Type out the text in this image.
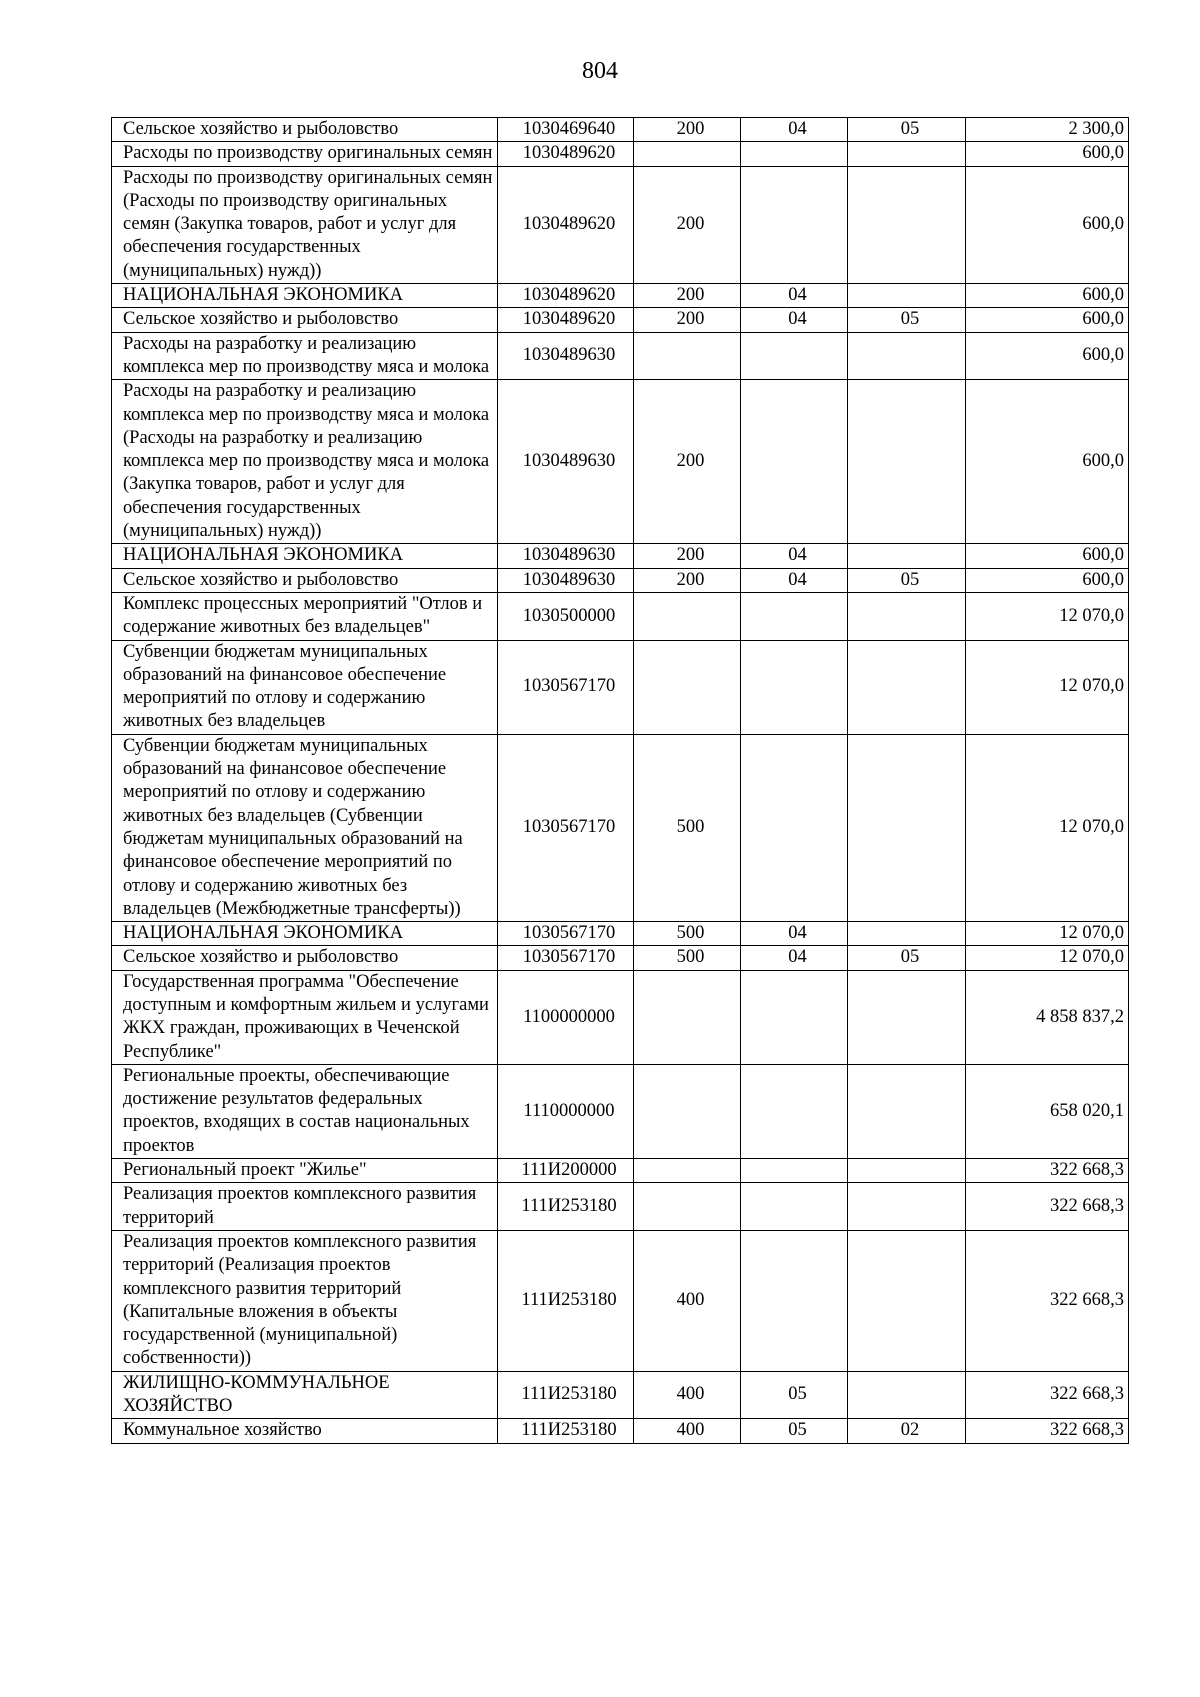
804
Сельское хозяйство и рыболовство	1030469640	200	04	05	2 300,0
Расходы по производству оригинальных семян	1030489620				600,0
Расходы по производству оригинальных семян (Расходы по производству оригинальных семян (Закупка товаров, работ и услуг для обеспечения государственных (муниципальных) нужд))	1030489620	200			600,0
НАЦИОНАЛЬНАЯ ЭКОНОМИКА	1030489620	200	04		600,0
Сельское хозяйство и рыболовство	1030489620	200	04	05	600,0
Расходы на разработку и реализацию комплекса мер по производству мяса и молока	1030489630				600,0
Расходы на разработку и реализацию комплекса мер по производству мяса и молока (Расходы на разработку и реализацию комплекса мер по производству мяса и молока (Закупка товаров, работ и услуг для обеспечения государственных (муниципальных) нужд))	1030489630	200			600,0
НАЦИОНАЛЬНАЯ ЭКОНОМИКА	1030489630	200	04		600,0
Сельское хозяйство и рыболовство	1030489630	200	04	05	600,0
Комплекс процессных мероприятий "Отлов и содержание животных без владельцев"	1030500000				12 070,0
Субвенции бюджетам муниципальных образований на финансовое обеспечение мероприятий по отлову и содержанию животных без владельцев	1030567170				12 070,0
Субвенции бюджетам муниципальных образований на финансовое обеспечение мероприятий по отлову и содержанию животных без владельцев (Субвенции бюджетам муниципальных образований на финансовое обеспечение мероприятий по отлову и содержанию животных без владельцев (Межбюджетные трансферты))	1030567170	500			12 070,0
НАЦИОНАЛЬНАЯ ЭКОНОМИКА	1030567170	500	04		12 070,0
Сельское хозяйство и рыболовство	1030567170	500	04	05	12 070,0
Государственная программа "Обеспечение доступным и комфортным жильем и услугами ЖКХ граждан, проживающих в Чеченской Республике"	1100000000				4 858 837,2
Региональные проекты, обеспечивающие достижение результатов федеральных проектов, входящих в состав национальных проектов	1110000000				658 020,1
Региональный проект "Жилье"	111И200000				322 668,3
Реализация проектов комплексного развития территорий	111И253180				322 668,3
Реализация проектов комплексного развития территорий (Реализация проектов комплексного развития территорий (Капитальные вложения в объекты государственной (муниципальной) собственности))	111И253180	400			322 668,3
ЖИЛИЩНО-КОММУНАЛЬНОЕ ХОЗЯЙСТВО	111И253180	400	05		322 668,3
Коммунальное хозяйство	111И253180	400	05	02	322 668,3
